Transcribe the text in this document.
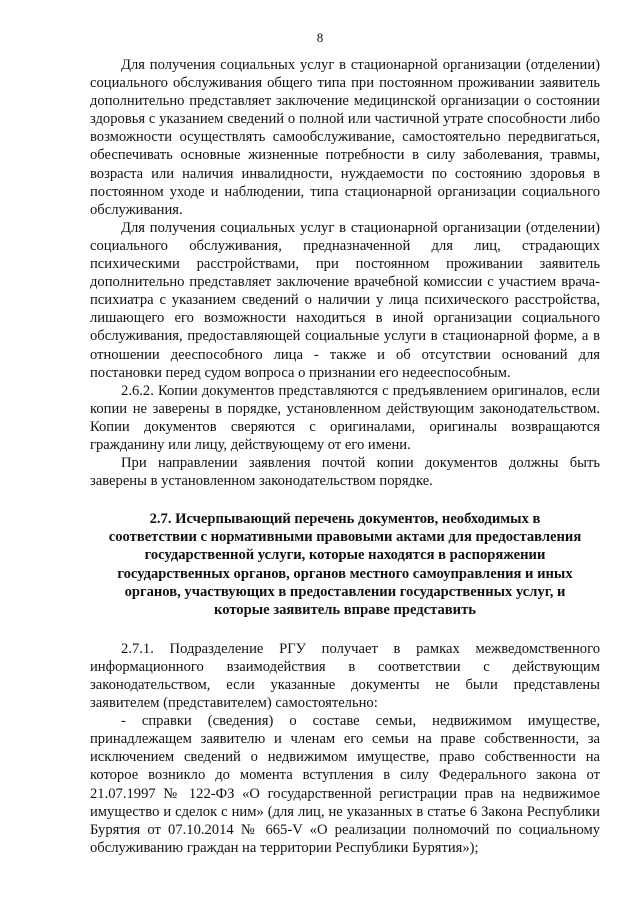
8

Для получения социальных услуг в стационарной организации (отделении) социального обслуживания общего типа при постоянном проживании заявитель дополнительно представляет заключение медицинской организации о состоянии здоровья с указанием сведений о полной или частичной утрате способности либо возможности осуществлять самообслуживание, самостоятельно передвигаться, обеспечивать основные жизненные потребности в силу заболевания, травмы, возраста или наличия инвалидности, нуждаемости по состоянию здоровья в постоянном уходе и наблюдении, типа стационарной организации социального обслуживания.

Для получения социальных услуг в стационарной организации (отделении) социального обслуживания, предназначенной для лиц, страдающих психическими расстройствами, при постоянном проживании заявитель дополнительно представляет заключение врачебной комиссии с участием врача-психиатра с указанием сведений о наличии у лица психического расстройства, лишающего его возможности находиться в иной организации социального обслуживания, предоставляющей социальные услуги в стационарной форме, а в отношении дееспособного лица - также и об отсутствии оснований для постановки перед судом вопроса о признании его недееспособным.

2.6.2. Копии документов представляются с предъявлением оригиналов, если копии не заверены в порядке, установленном действующим законодательством. Копии документов сверяются с оригиналами, оригиналы возвращаются гражданину или лицу, действующему от его имени.

При направлении заявления почтой копии документов должны быть заверены в установленном законодательством порядке.

2.7. Исчерпывающий перечень документов, необходимых в соответствии с нормативными правовыми актами для предоставления государственной услуги, которые находятся в распоряжении государственных органов, органов местного самоуправления и иных органов, участвующих в предоставлении государственных услуг, и которые заявитель вправе представить

2.7.1. Подразделение РГУ получает в рамках межведомственного информационного взаимодействия в соответствии с действующим законодательством, если указанные документы не были представлены заявителем (представителем) самостоятельно:

- справки (сведения) о составе семьи, недвижимом имуществе, принадлежащем заявителю и членам его семьи на праве собственности, за исключением сведений о недвижимом имуществе, право собственности на которое возникло до момента вступления в силу Федерального закона от 21.07.1997 № 122-ФЗ «О государственной регистрации прав на недвижимое имущество и сделок с ним» (для лиц, не указанных в статье 6 Закона Республики Бурятия от 07.10.2014 № 665-V «О реализации полномочий по социальному обслуживанию граждан на территории Республики Бурятия»);
